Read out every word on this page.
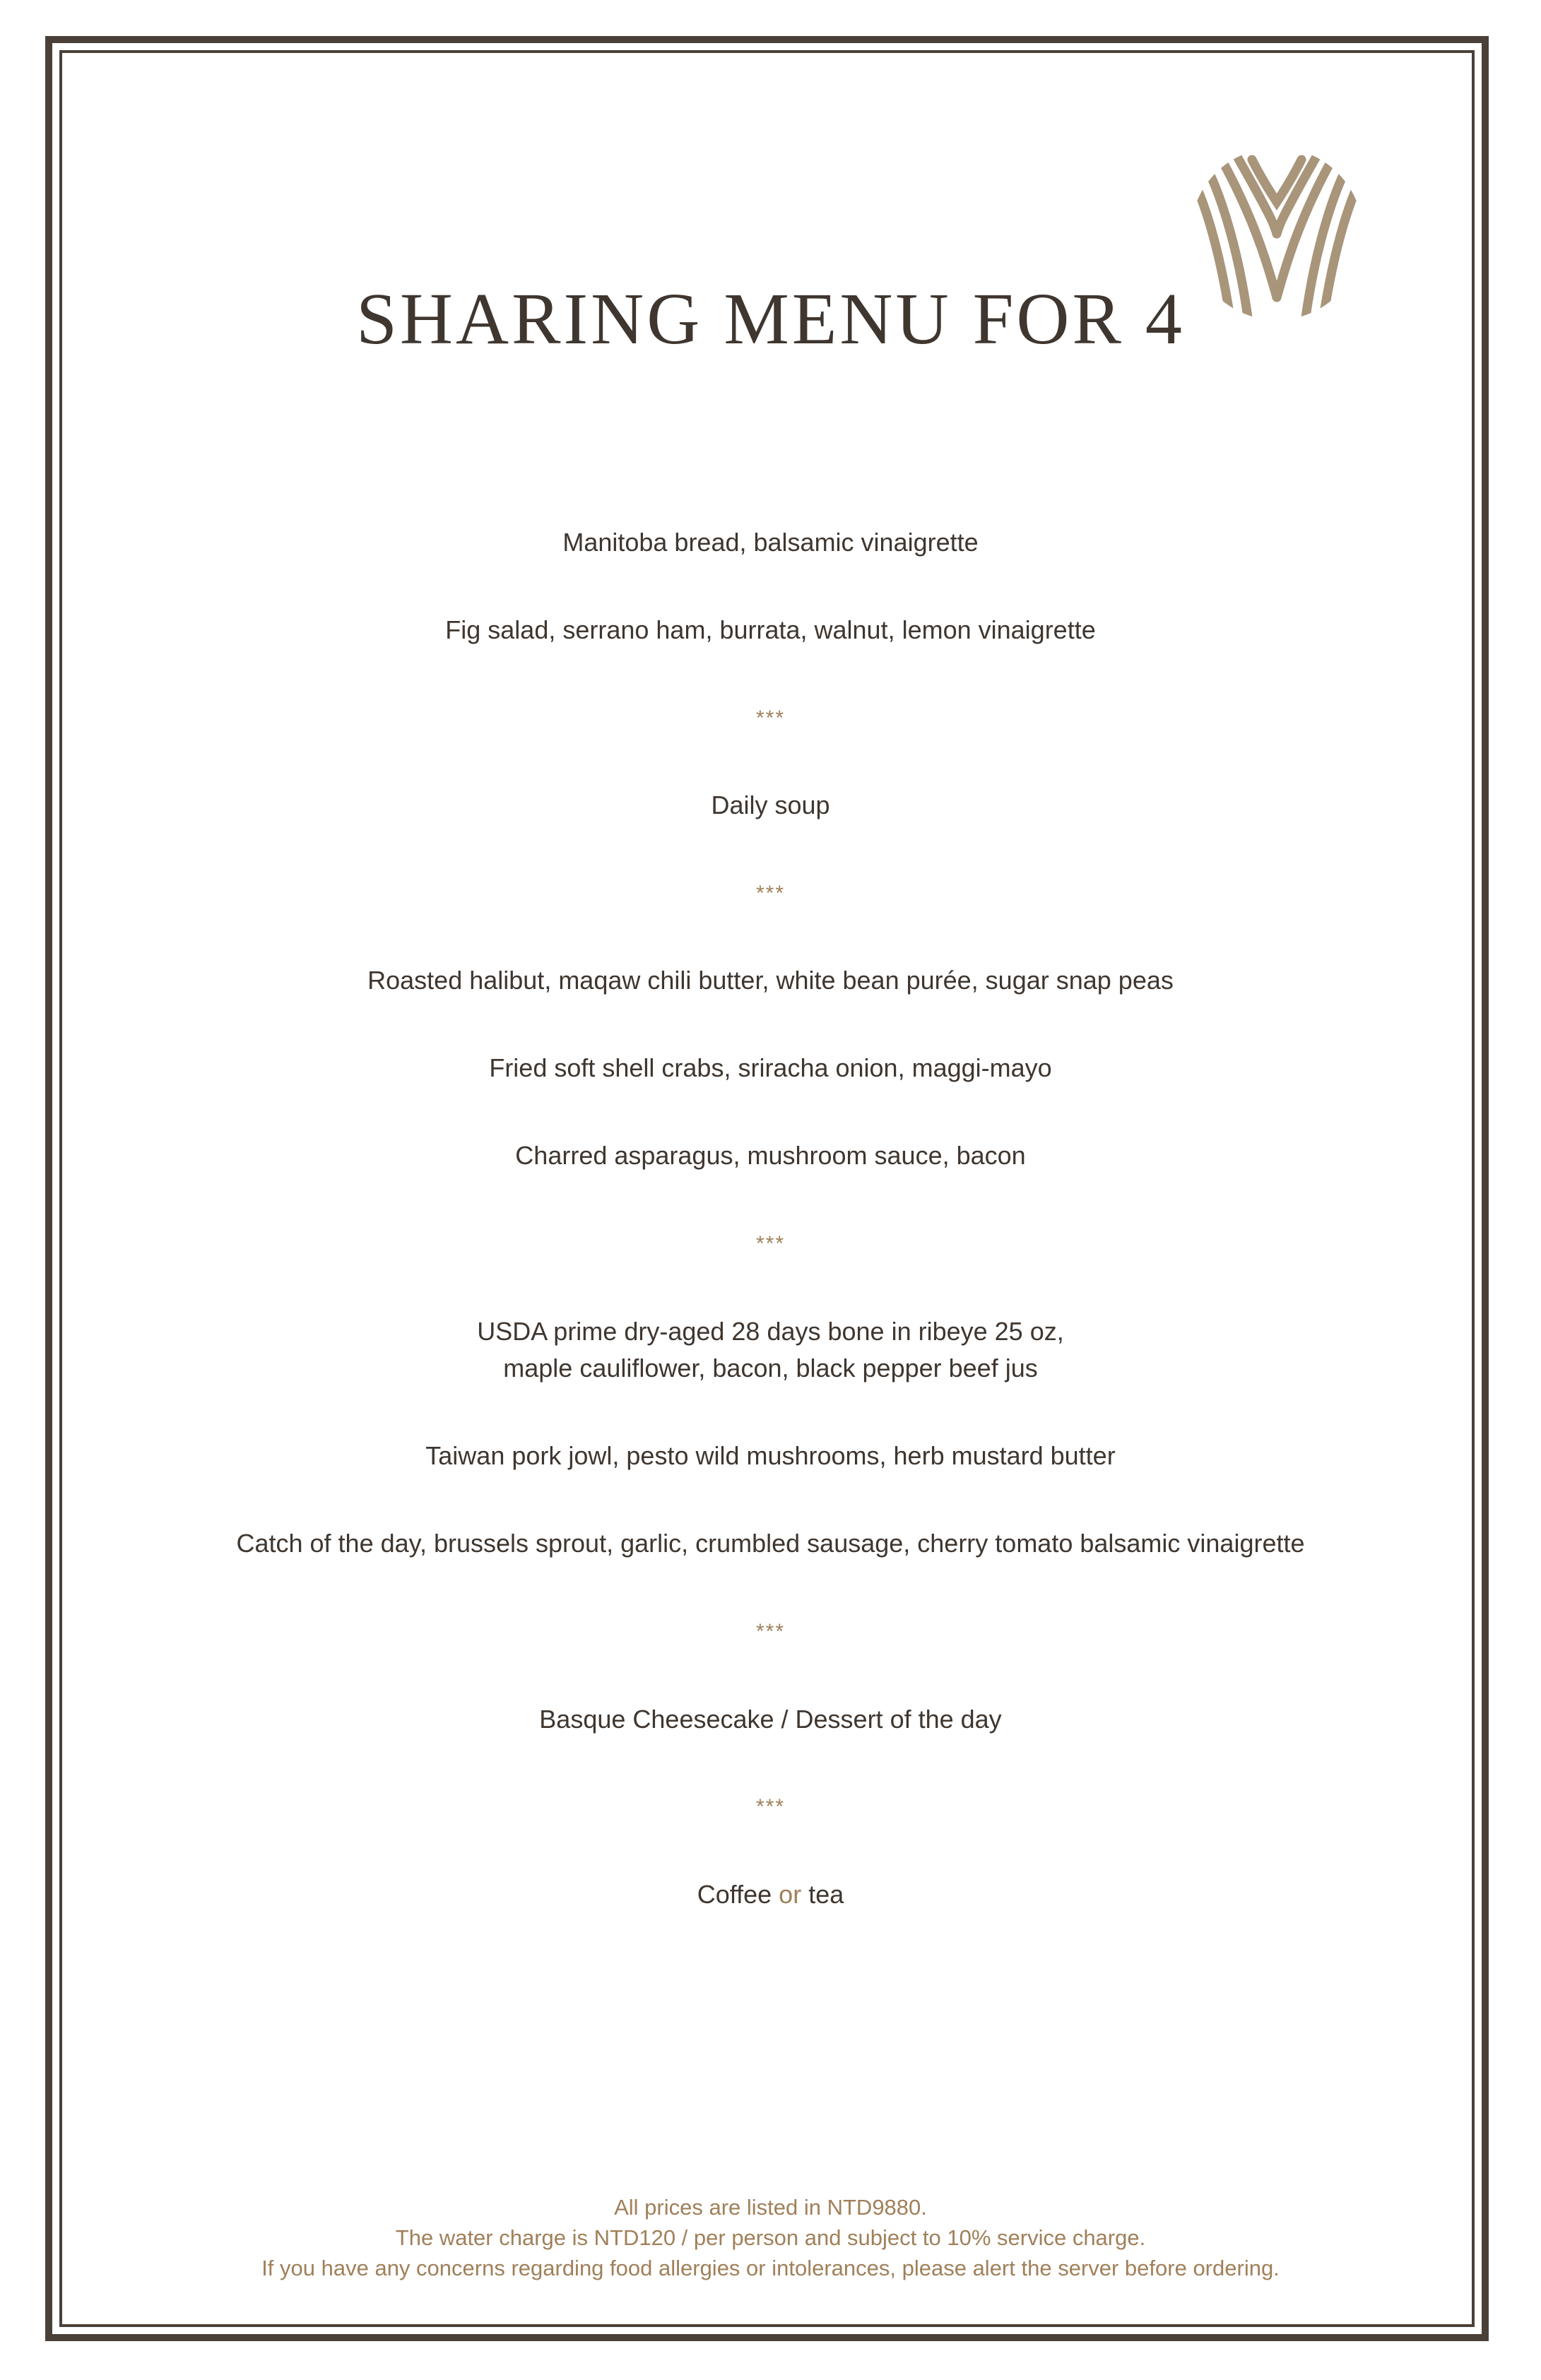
SHARING MENU FOR 4
Manitoba bread, balsamic vinaigrette
Fig salad, serrano ham, burrata, walnut, lemon vinaigrette
***
Daily soup
***
Roasted halibut, maqaw chili butter, white bean purée, sugar snap peas
Fried soft shell crabs, sriracha onion, maggi-mayo
Charred asparagus, mushroom sauce, bacon
***
USDA prime dry-aged 28 days bone in ribeye 25 oz,
maple cauliflower, bacon, black pepper beef jus
Taiwan pork jowl, pesto wild mushrooms, herb mustard butter
Catch of the day, brussels sprout, garlic, crumbled sausage, cherry tomato balsamic vinaigrette
***
Basque Cheesecake / Dessert of the day
***
Coffee or tea
All prices are listed in NTD9880.
The water charge is NTD120 / per person and subject to 10% service charge.
If you have any concerns regarding food allergies or intolerances, please alert the server before ordering.
